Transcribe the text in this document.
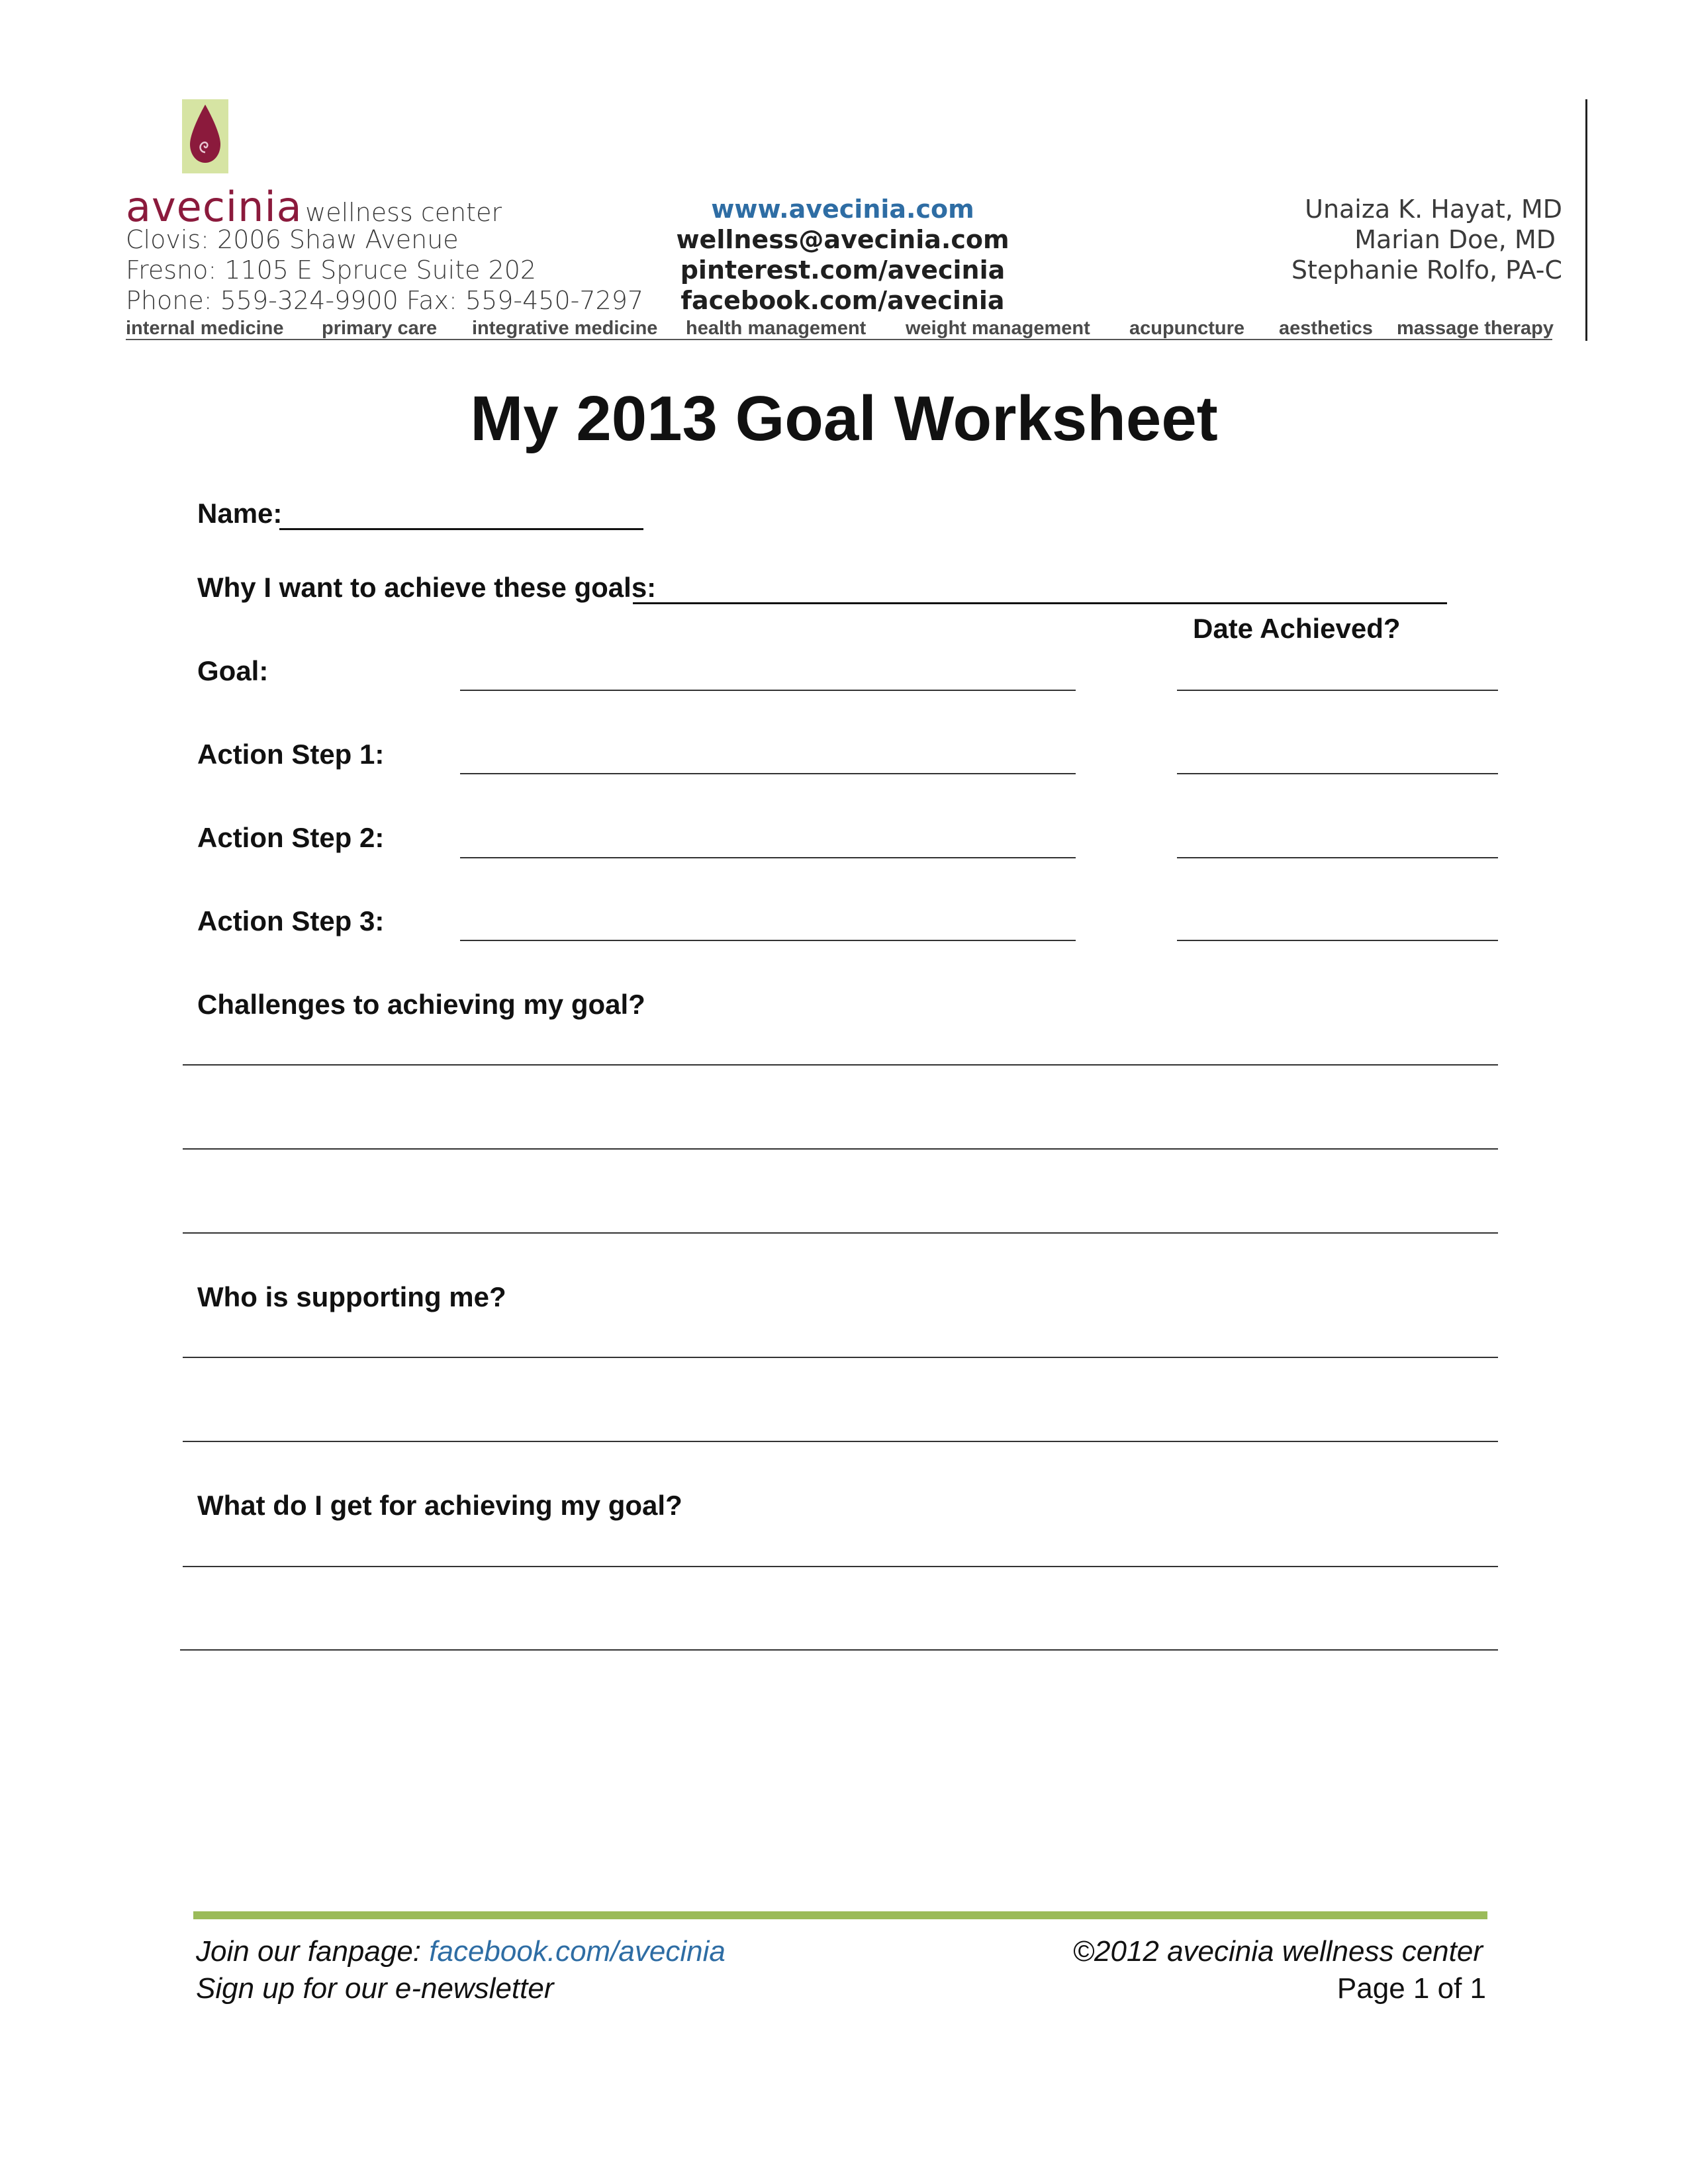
avecinia wellness center
Clovis: 2006 Shaw Avenue
Fresno: 1105 E Spruce Suite 202
Phone: 559-324-9900 Fax: 559-450-7297
www.avecinia.com
wellness@avecinia.com
pinterest.com/avecinia
facebook.com/avecinia
Unaiza K. Hayat, MD
Marian Doe, MD
Stephanie Rolfo, PA-C
internal medicine primary care integrative medicine health management weight management acupuncture aesthetics massage therapy
My 2013 Goal Worksheet
Name:
Why I want to achieve these goals:
Date Achieved?
Goal:
Action Step 1:
Action Step 2:
Action Step 3:
Challenges to achieving my goal?
Who is supporting me?
What do I get for achieving my goal?
Join our fanpage: facebook.com/avecinia
Sign up for our e-newsletter
©2012 avecinia wellness center
Page 1 of 1
